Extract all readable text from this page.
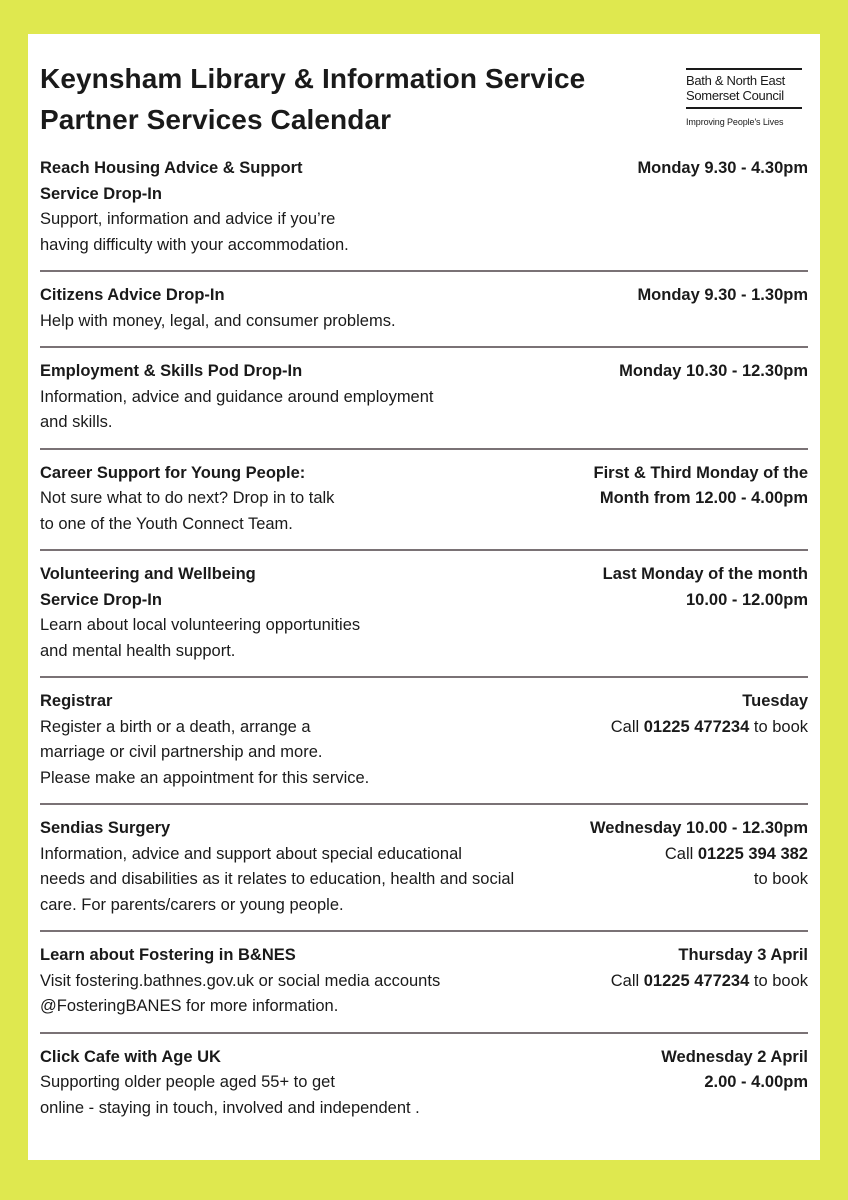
Keynsham Library & Information Service
Partner Services Calendar
Bath & North East
Somerset Council
Improving People's Lives
Reach Housing Advice & Support
Service Drop-In
Support, information and advice if you’re
having difficulty with your accommodation.
Monday 9.30 - 4.30pm
Citizens Advice Drop-In
Help with money, legal, and consumer problems.
Monday 9.30 - 1.30pm
Employment & Skills Pod Drop-In
Information, advice and guidance around employment
and skills.
Monday 10.30 - 12.30pm
Career Support for Young People:
Not sure what to do next? Drop in to talk
to one of the Youth Connect Team.
First & Third Monday of the
Month from 12.00 - 4.00pm
Volunteering and Wellbeing
Service Drop-In
Learn about local volunteering opportunities
and mental health support.
Last Monday of the month
10.00 - 12.00pm
Registrar
Register a birth or a death, arrange a
marriage or civil partnership and more.
Please make an appointment for this service.
Tuesday
Call 01225 477234 to book
Sendias Surgery
Information, advice and support about special educational
needs and disabilities as it relates to education, health and social
care. For parents/carers or young people.
Wednesday 10.00 - 12.30pm
Call 01225 394 382
to book
Learn about Fostering in B&NES
Visit fostering.bathnes.gov.uk or social media accounts
@FosteringBANES for more information.
Thursday 3 April
Call 01225 477234 to book
Click Cafe with Age UK
Supporting older people aged 55+ to get
online - staying in touch, involved and independent .
Wednesday 2 April
2.00 - 4.00pm
